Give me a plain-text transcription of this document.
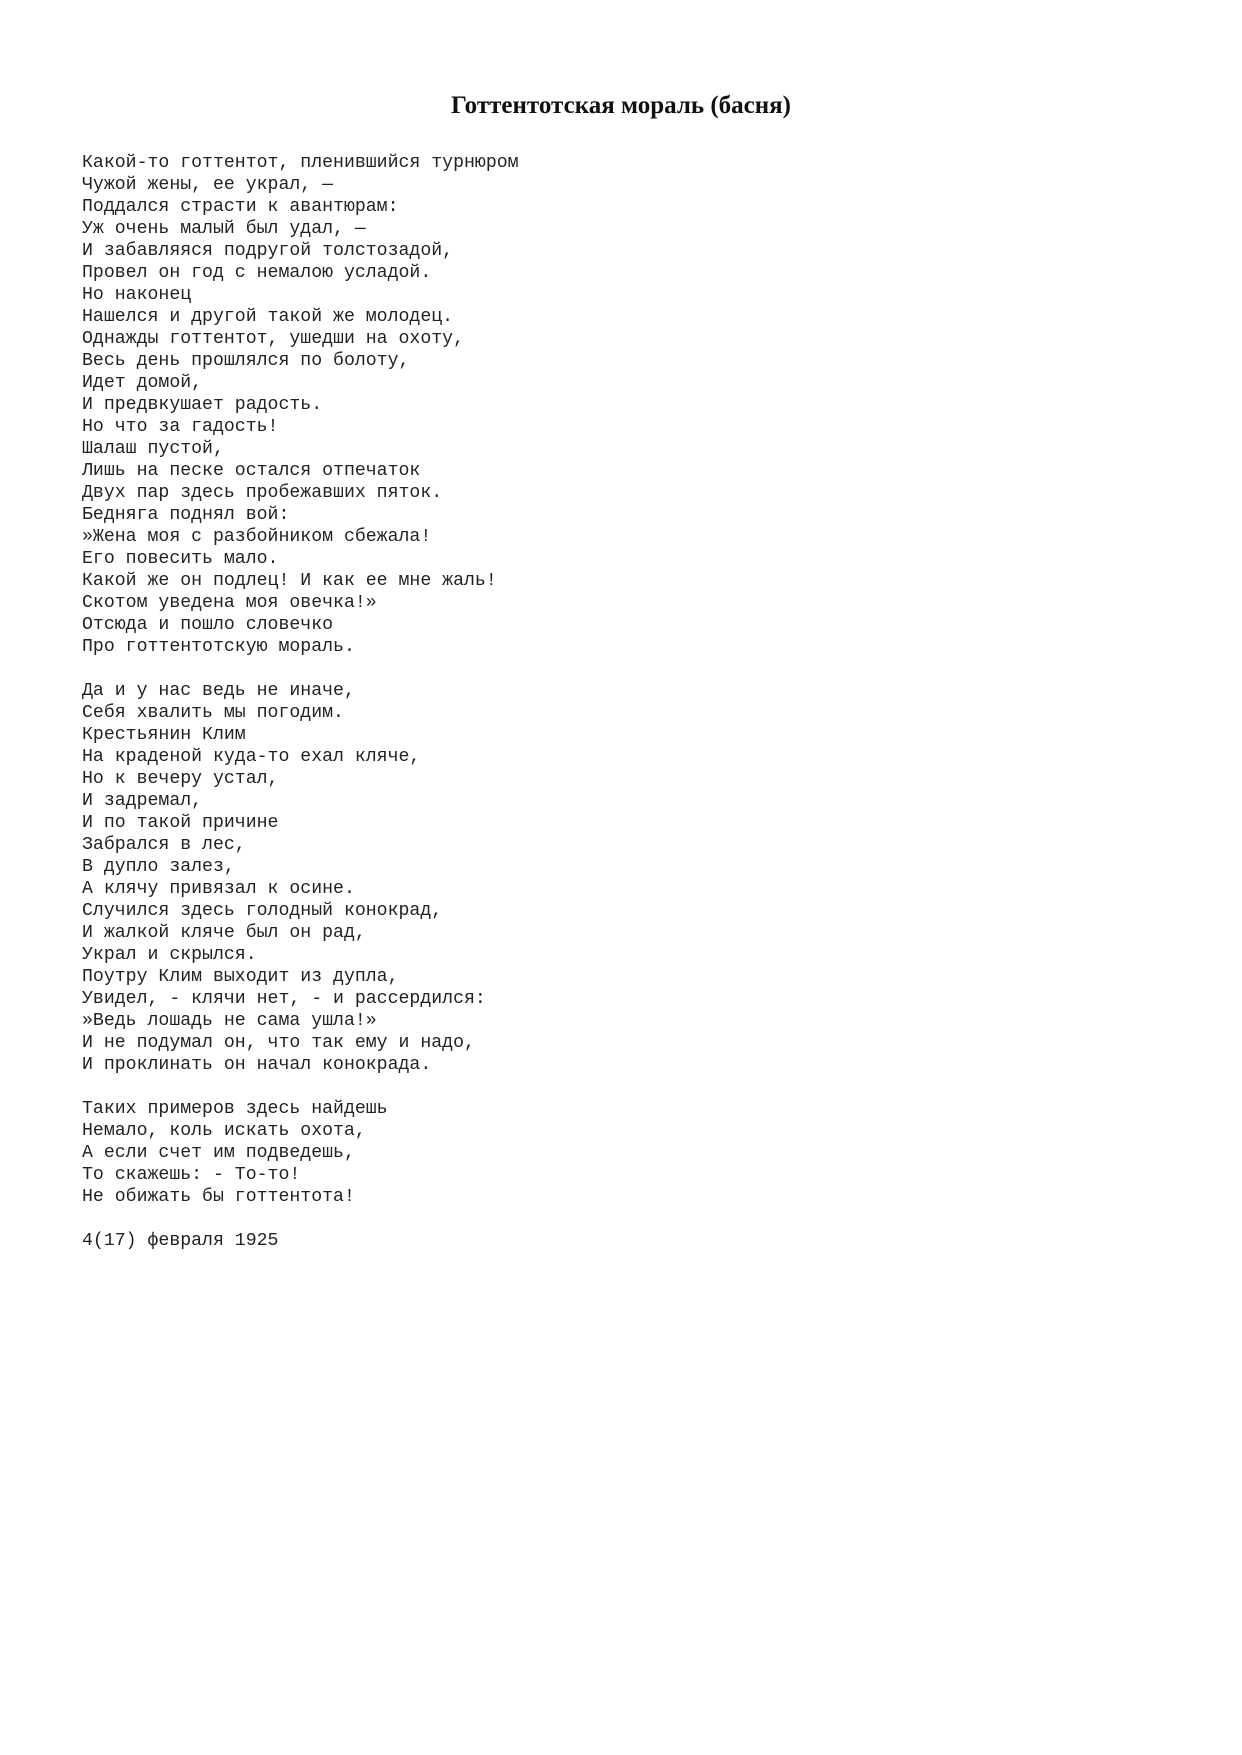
Готтентотская мораль (басня)
Какой-то готтентот, пленившийся турнюром
Чужой жены, ее украл, —
Поддался страсти к авантюрам:
Уж очень малый был удал, —
И забавляяся подругой толстозадой,
Провел он год с немалою усладой.
Но наконец
Нашелся и другой такой же молодец.
Однажды готтентот, ушедши на охоту,
Весь день прошлялся по болоту,
Идет домой,
И предвкушает радость.
Но что за гадость!
Шалаш пустой,
Лишь на песке остался отпечаток
Двух пар здесь пробежавших пяток.
Бедняга поднял вой:
»Жена моя с разбойником сбежала!
Его повесить мало.
Какой же он подлец! И как ее мне жаль!
Скотом уведена моя овечка!»
Отсюда и пошло словечко
Про готтентотскую мораль.
Да и у нас ведь не иначе,
Себя хвалить мы погодим.
Крестьянин Клим
На краденой куда-то ехал кляче,
Но к вечеру устал,
И задремал,
И по такой причине
Забрался в лес,
В дупло залез,
А клячу привязал к осине.
Случился здесь голодный конокрад,
И жалкой кляче был он рад,
Украл и скрылся.
Поутру Клим выходит из дупла,
Увидел, - клячи нет, - и рассердился:
»Ведь лошадь не сама ушла!»
И не подумал он, что так ему и надо,
И проклинать он начал конокрада.
Таких примеров здесь найдешь
Немало, коль искать охота,
А если счет им подведешь,
То скажешь: - То-то!
Не обижать бы готтентота!
4(17) февраля 1925
